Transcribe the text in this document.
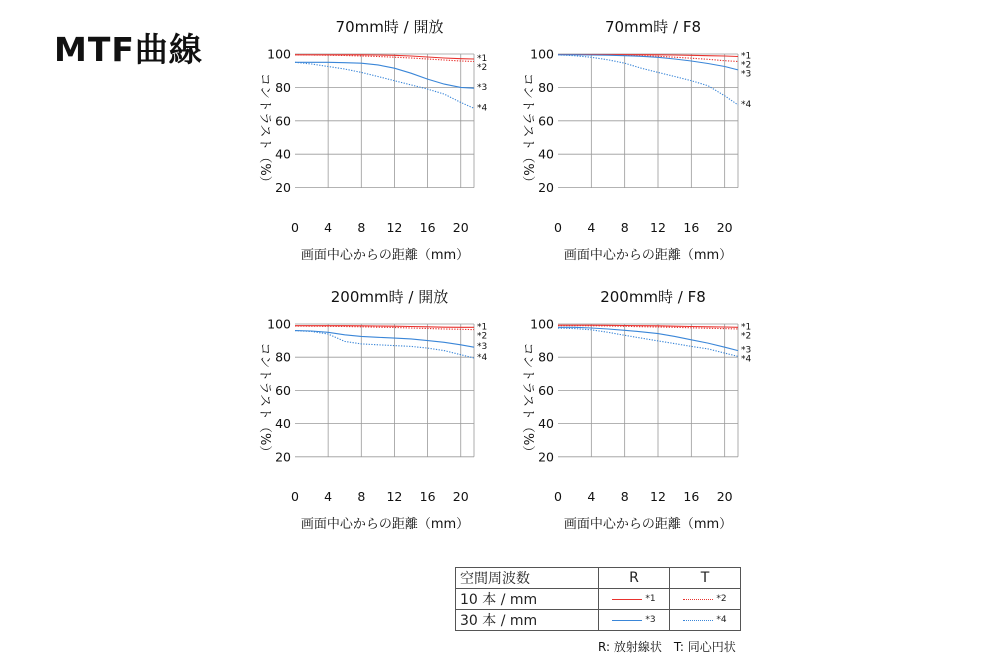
MTF曲線
20
40
60
80
100
0 4 8 12 16 20
70mm時 / 開放
画面中心からの距離（mm）
コントラスト（%）
*1
*2
*3
*4
20
40
60
80
100
0 4 8 12 16 20
70mm時 / F8
画面中心からの距離（mm）
コントラスト（%）
*1
*2
*3
*4
20
40
60
80
100
0 4 8 12 16 20
200mm時 / 開放
画面中心からの距離（mm）
コントラスト（%）
*1
*2
*3
*4
20
40
60
80
100
0 4 8 12 16 20
200mm時 / F8
画面中心からの距離（mm）
コントラスト（%）
*1
*2
*3
*4
空間周波数	R	T
10 本 / mm	*1	*2
30 本 / mm	*3	*4
R: 放射線状　T: 同心円状
